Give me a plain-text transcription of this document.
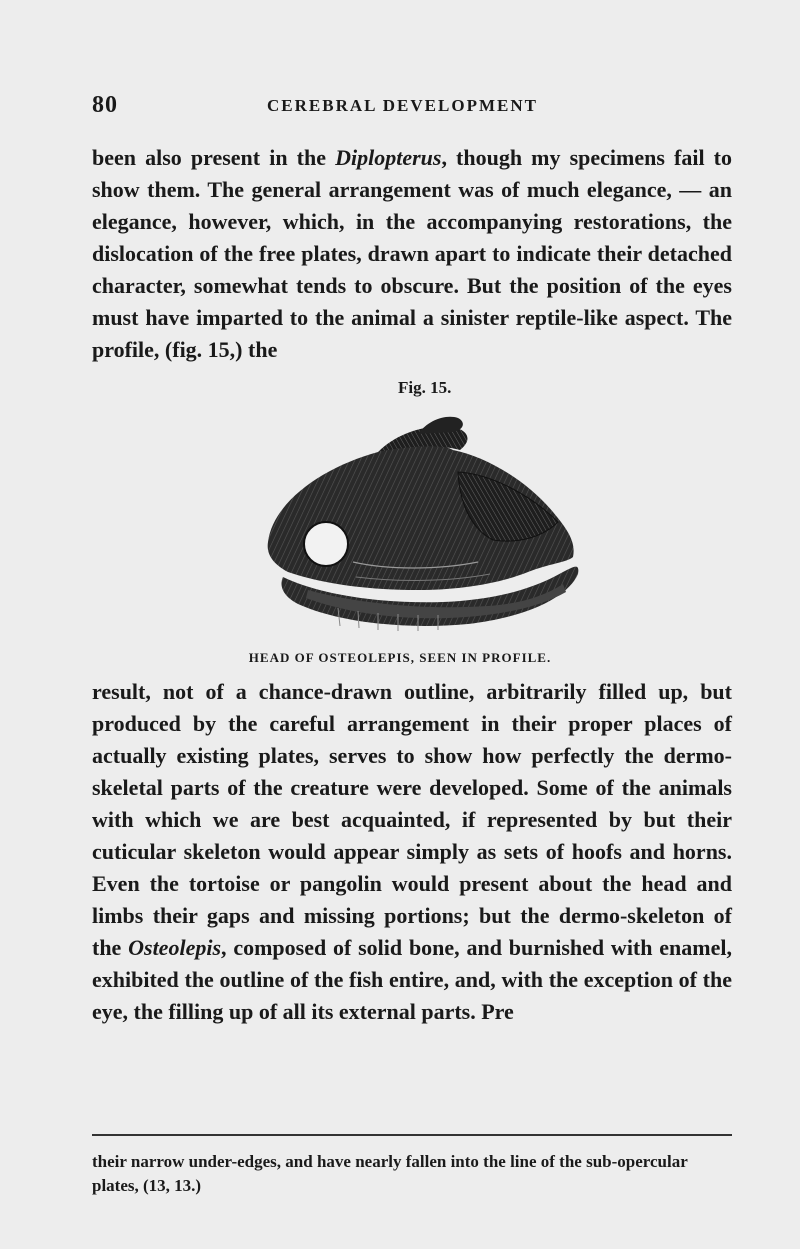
80	CEREBRAL DEVELOPMENT

been also present in the Diplopterus, though my specimens fail to show them. The general arrangement was of much elegance, — an elegance, however, which, in the accompanying restorations, the dislocation of the free plates, drawn apart to indicate their detached character, somewhat tends to obscure. But the position of the eyes must have imparted to the animal a sinister reptile-like aspect. The profile, (fig. 15,) the

Fig. 15.
HEAD OF OSTEOLEPIS, SEEN IN PROFILE.

result, not of a chance-drawn outline, arbitrarily filled up, but produced by the careful arrangement in their proper places of actually existing plates, serves to show how perfectly the dermo-skeletal parts of the creature were developed. Some of the animals with which we are best acquainted, if represented by but their cuticular skeleton would appear simply as sets of hoofs and horns. Even the tortoise or pangolin would present about the head and limbs their gaps and missing portions; but the dermo-skeleton of the Osteolepis, composed of solid bone, and burnished with enamel, exhibited the outline of the fish entire, and, with the exception of the eye, the filling up of all its external parts. Pre

their narrow under-edges, and have nearly fallen into the line of the sub-opercular plates, (13, 13.)
